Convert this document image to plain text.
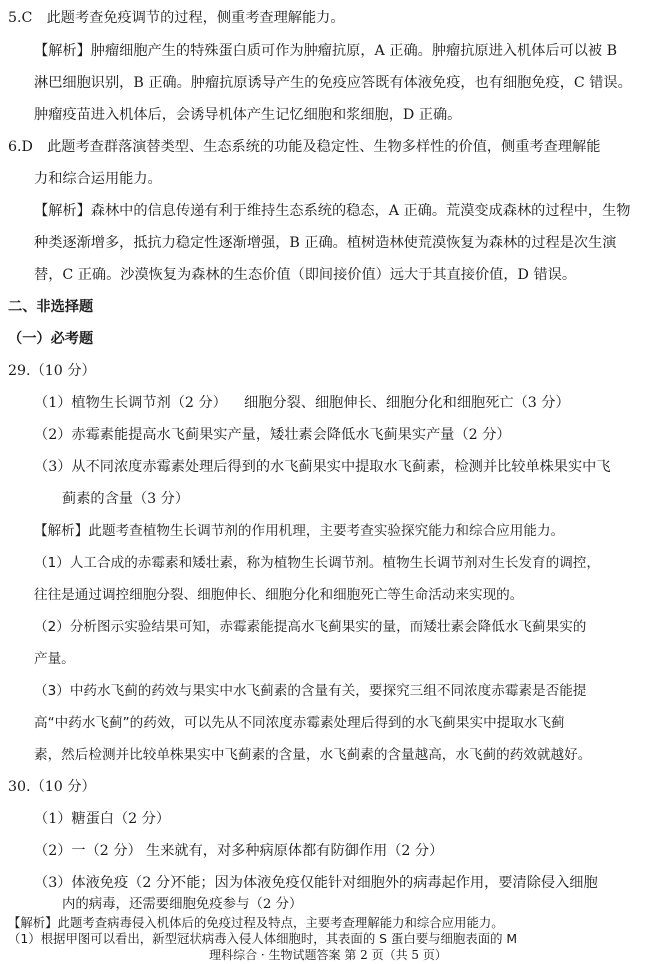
5.C　此题考查免疫调节的过程，侧重考查理解能力。
【解析】肿瘤细胞产生的特殊蛋白质可作为肿瘤抗原，A 正确。肿瘤抗原进入机体后可以被 B
淋巴细胞识别，B 正确。肿瘤抗原诱导产生的免疫应答既有体液免疫，也有细胞免疫，C 错误。
肿瘤疫苗进入机体后，会诱导机体产生记忆细胞和浆细胞，D 正确。
6.D　此题考查群落演替类型、生态系统的功能及稳定性、生物多样性的价值，侧重考查理解能
力和综合运用能力。
【解析】森林中的信息传递有利于维持生态系统的稳态，A 正确。荒漠变成森林的过程中，生物
种类逐渐增多，抵抗力稳定性逐渐增强，B 正确。植树造林使荒漠恢复为森林的过程是次生演
替，C 正确。沙漠恢复为森林的生态价值（即间接价值）远大于其直接价值，D 错误。
二、非选择题
（一）必考题
29.（10 分）
（1）植物生长调节剂（2 分） 细胞分裂、细胞伸长、细胞分化和细胞死亡（3 分）
（2）赤霉素能提高水飞蓟果实产量，矮壮素会降低水飞蓟果实产量（2 分）
（3）从不同浓度赤霉素处理后得到的水飞蓟果实中提取水飞蓟素，检测并比较单株果实中飞
蓟素的含量（3 分）
【解析】此题考查植物生长调节剂的作用机理，主要考查实验探究能力和综合应用能力。
（1）人工合成的赤霉素和矮壮素，称为植物生长调节剂。植物生长调节剂对生长发育的调控，
往往是通过调控细胞分裂、细胞伸长、细胞分化和细胞死亡等生命活动来实现的。
（2）分析图示实验结果可知，赤霉素能提高水飞蓟果实的量，而矮壮素会降低水飞蓟果实的
产量。
（3）中药水飞蓟的药效与果实中水飞蓟素的含量有关，要探究三组不同浓度赤霉素是否能提
高“中药水飞蓟”的药效，可以先从不同浓度赤霉素处理后得到的水飞蓟果实中提取水飞蓟
素，然后检测并比较单株果实中飞蓟素的含量，水飞蓟素的含量越高，水飞蓟的药效就越好。
30.（10 分）
（1）糖蛋白（2 分）
（2）一（2 分） 生来就有，对多种病原体都有防御作用（2 分）
（3）体液免疫（2 分）
不能；因为体液免疫仅能针对细胞外的病毒起作用，要清除侵入细胞
内的病毒，还需要细胞免疫参与（2 分）
理科综合 · 生物试题答案 第 2 页（共 5 页）
【解析】此题考查病毒侵入机体后的免疫过程及特点，主要考查理解能力和综合应用能力。
（1）根据甲图可以看出，新型冠状病毒入侵人体细胞时，其表面的 S 蛋白要与细胞表面的 M
